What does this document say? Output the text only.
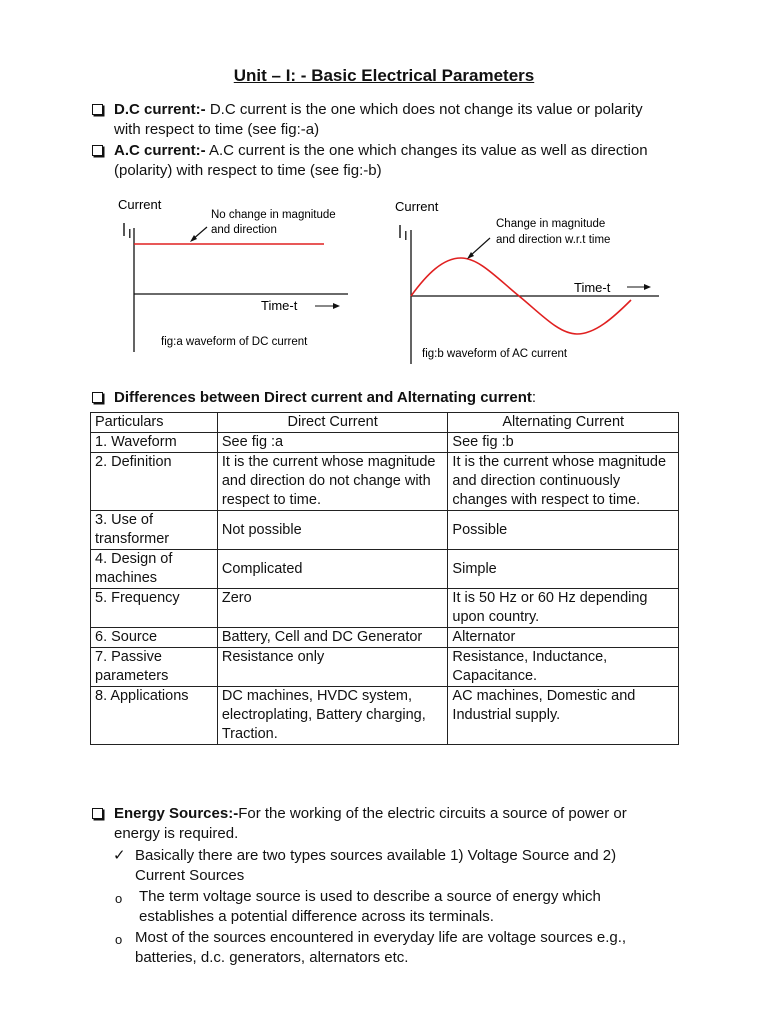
Unit – I: - Basic Electrical Parameters
D.C current:- D.C current is the one which does not change its value or polarity
with respect to time (see fig:-a)
A.C current:- A.C current is the one which changes its value as well as direction
(polarity) with respect to time (see fig:-b)
Current
I
No change in magnitude
and direction
Time-t
fig:a waveform of DC current
Current
I
Change in magnitude
and direction w.r.t time
Time-t
fig:b waveform of AC current
Differences between Direct current and Alternating current:
Particulars	Direct Current	Alternating Current
1. Waveform	See fig :a	See fig :b
2. Definition	It is the current whose magnitude and direction do not change with respect to time.	It is the current whose magnitude and direction continuously changes with respect to time.
3. Use of transformer	Not possible	Possible
4. Design of machines	Complicated	Simple
5. Frequency	Zero	It is 50 Hz or 60 Hz depending upon country.
6. Source	Battery, Cell and DC Generator	Alternator
7. Passive parameters	Resistance only	Resistance, Inductance, Capacitance.
8. Applications	DC machines, HVDC system, electroplating, Battery charging, Traction.	AC machines, Domestic and Industrial supply.
Energy Sources:-For the working of the electric circuits a source of power or
energy is required.
✓ Basically there are two types sources available 1) Voltage Source and 2)
Current Sources
o The term voltage source is used to describe a source of energy which
establishes a potential difference across its terminals.
o Most of the sources encountered in everyday life are voltage sources e.g.,
batteries, d.c. generators, alternators etc.
